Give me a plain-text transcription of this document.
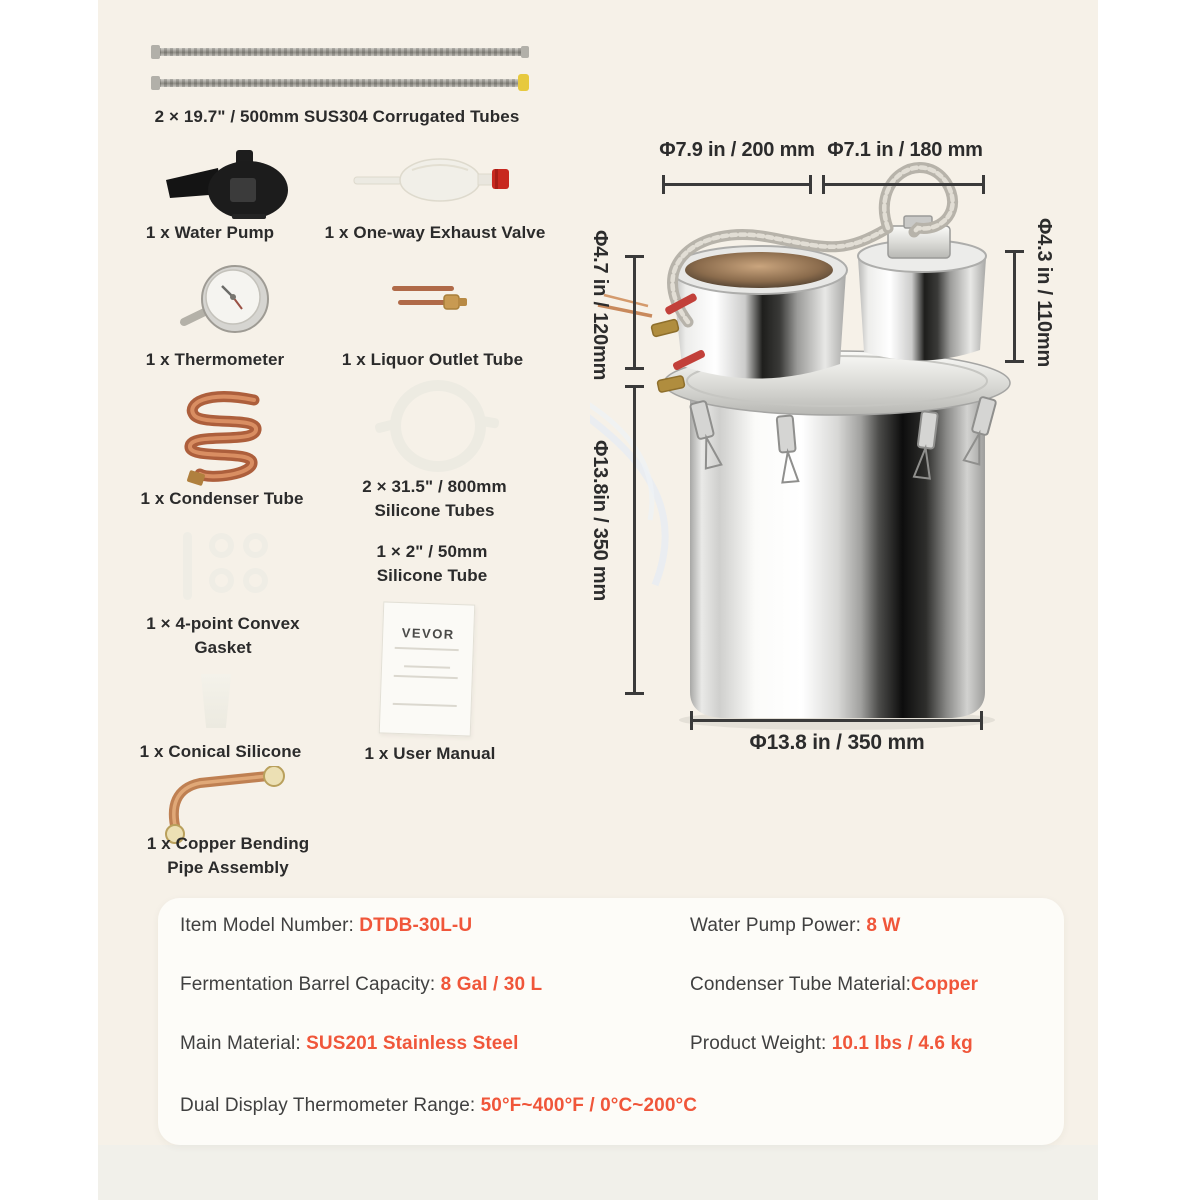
2 × 19.7" / 500mm SUS304 Corrugated Tubes
1 x Water Pump	1 x One-way Exhaust Valve
1 x Thermometer	1 x Liquor Outlet Tube
1 x Condenser Tube
2 × 31.5" / 800mm Silicone Tubes
1 × 4-point Convex Gasket
1 × 2" / 50mm Silicone Tube
VEVOR
1 x User Manual
1 x Conical Silicone
1 x Copper Bending Pipe Assembly
Φ7.9 in / 200 mm Φ7.1 in / 180 mm
Φ4.7 in / 120mm
Φ13.8in / 350 mm
Φ4.3 in / 110mm
Φ13.8 in / 350 mm
Item Model Number: DTDB-30L-U
Fermentation Barrel Capacity: 8 Gal / 30 L
Main Material: SUS201 Stainless Steel
Dual Display Thermometer Range: 50°F~400°F / 0°C~200°C
Water Pump Power: 8 W
Condenser Tube Material:Copper
Product Weight: 10.1 lbs / 4.6 kg
